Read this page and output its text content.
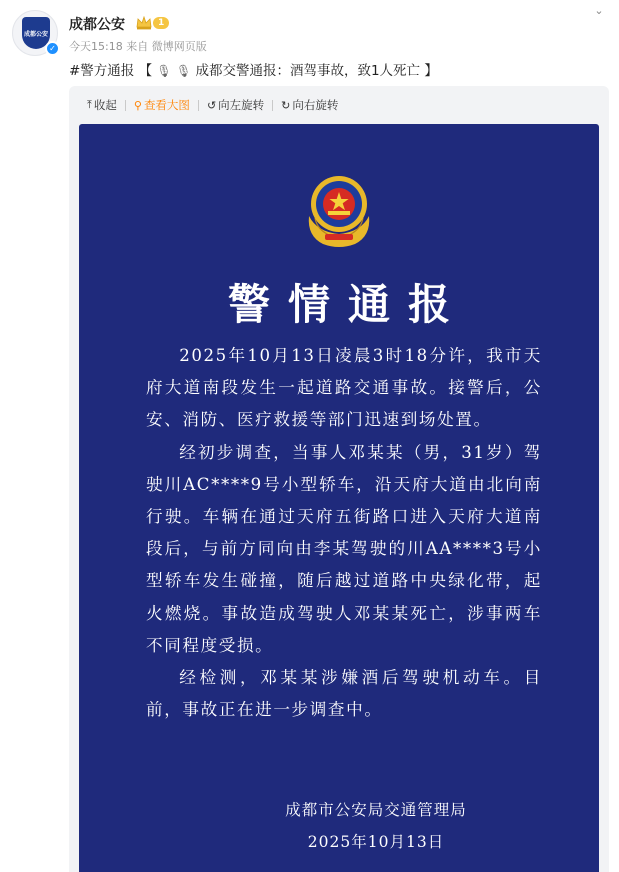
成都公安
✓
成都公安	1
⌄
今天15:18 来自 微博网页版
#警方通报 【 🎙 🎙 成都交警通报：酒驾事故，致1人死亡 】
⤒ 收起 ⚲ 查看大图 ↺ 向左旋转 ↻ 向右旋转
警情通报

2025年10月13日凌晨3时18分许，我市天府大道南段发生一起道路交通事故。接警后，公安、消防、医疗救援等部门迅速到场处置。

经初步调查，当事人邓某某（男，31岁）驾驶川AC****9号小型轿车，沿天府大道由北向南行驶。车辆在通过天府五街路口进入天府大道南段后，与前方同向由李某驾驶的川AA****3号小型轿车发生碰撞，随后越过道路中央绿化带，起火燃烧。事故造成驾驶人邓某某死亡，涉事两车不同程度受损。

经检测，邓某某涉嫌酒后驾驶机动车。目前，事故正在进一步调查中。

成都市公安局交通管理局
2025年10月13日
